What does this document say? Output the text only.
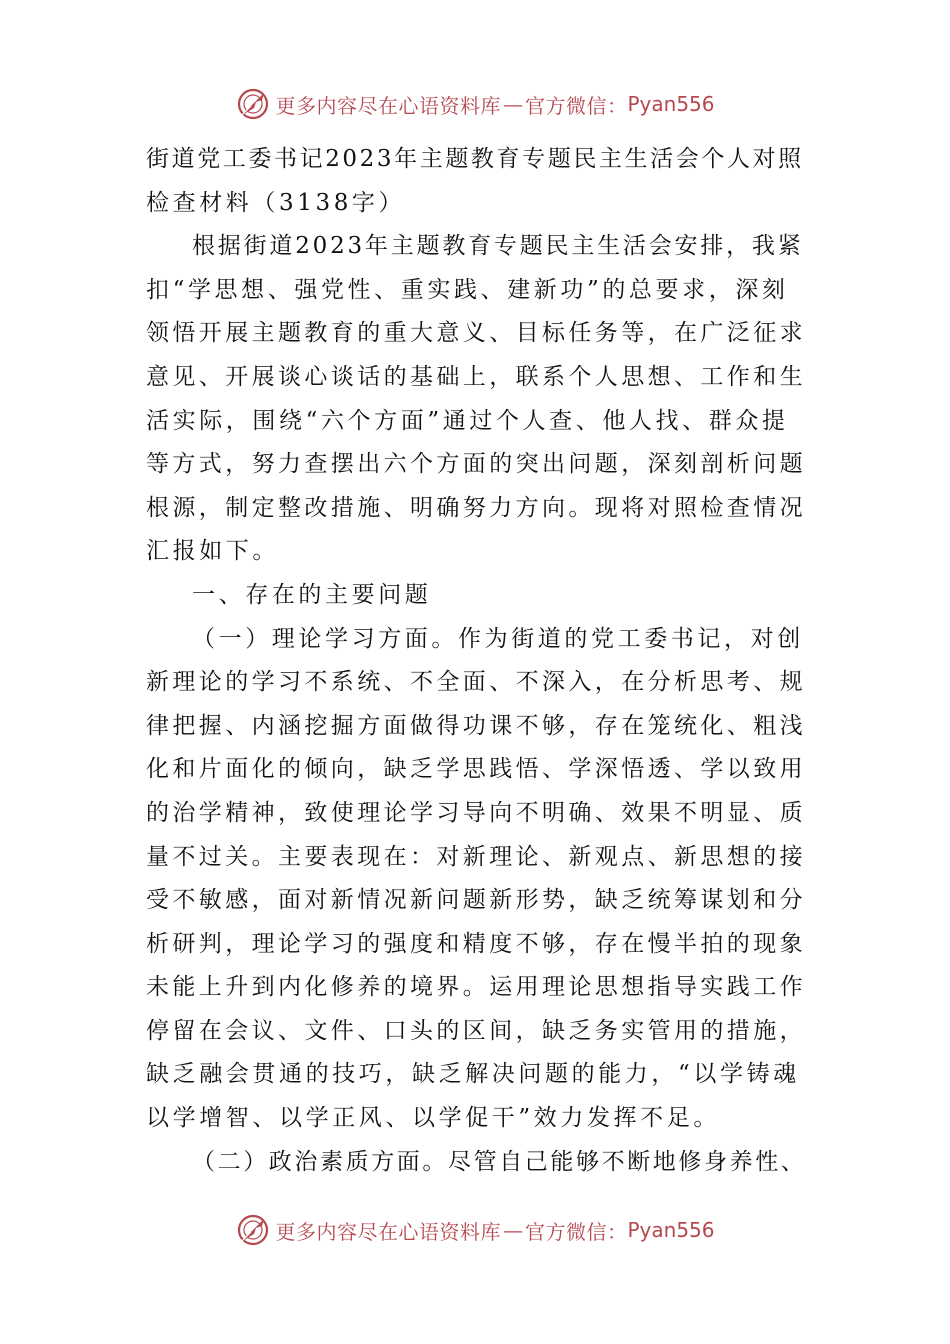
更多内容尽在心语资料库 — 官方微信： Pyan556
街道党工委书记2023年主题教育专题民主生活会个人对照
检查材料（3138字）
根据街道2023年主题教育专题民主生活会安排，我紧
扣“学思想、强党性、重实践、建新功”的总要求，深刻
领悟开展主题教育的重大意义、目标任务等，在广泛征求
意见、开展谈心谈话的基础上，联系个人思想、工作和生
活实际，围绕“六个方面”通过个人查、他人找、群众提
等方式，努力查摆出六个方面的突出问题，深刻剖析问题
根源，制定整改措施、明确努力方向。现将对照检查情况
汇报如下。
一、存在的主要问题
（一）理论学习方面。作为街道的党工委书记，对创
新理论的学习不系统、不全面、不深入，在分析思考、规
律把握、内涵挖掘方面做得功课不够，存在笼统化、粗浅
化和片面化的倾向，缺乏学思践悟、学深悟透、学以致用
的治学精神，致使理论学习导向不明确、效果不明显、质
量不过关。主要表现在：对新理论、新观点、新思想的接
受不敏感，面对新情况新问题新形势，缺乏统筹谋划和分
析研判，理论学习的强度和精度不够，存在慢半拍的现象
未能上升到内化修养的境界。运用理论思想指导实践工作
停留在会议、文件、口头的区间，缺乏务实管用的措施，
缺乏融会贯通的技巧，缺乏解决问题的能力，“以学铸魂
以学增智、以学正风、以学促干”效力发挥不足。
（二）政治素质方面。尽管自己能够不断地修身养性、
更多内容尽在心语资料库 — 官方微信： Pyan556
